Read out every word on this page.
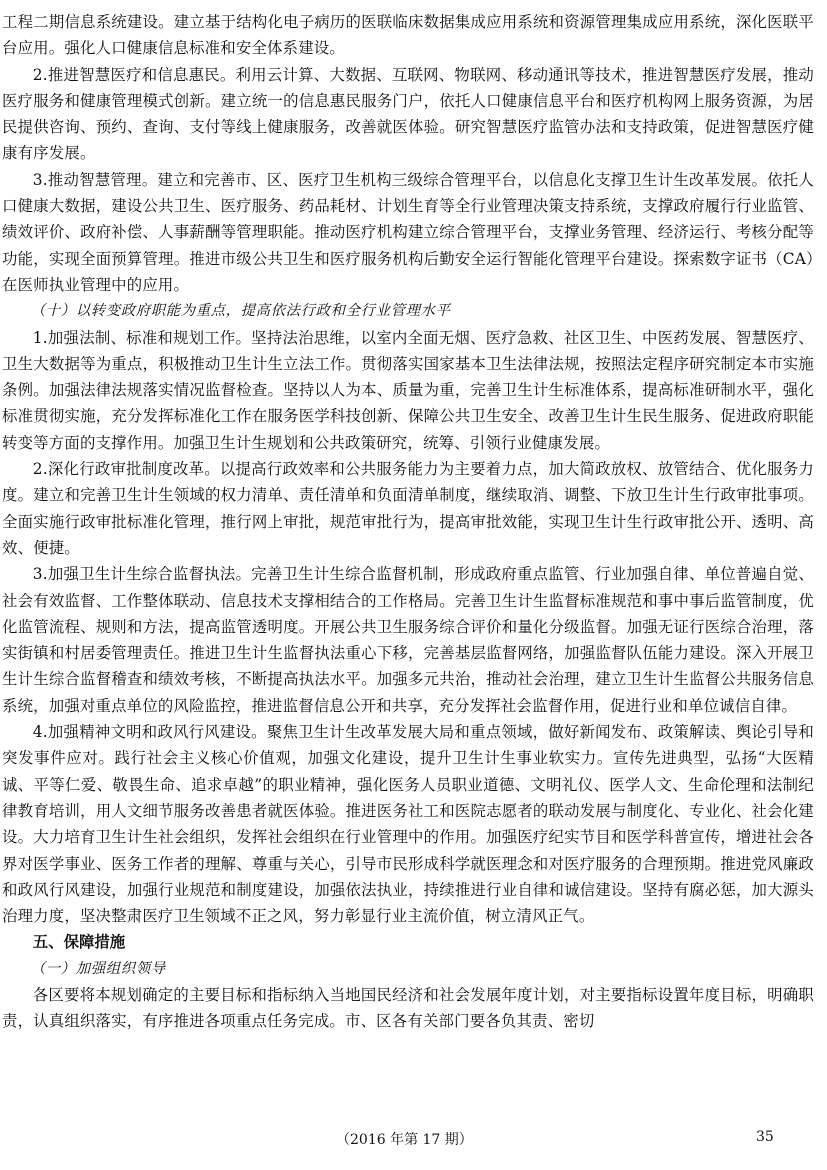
工程二期信息系统建设。建立基于结构化电子病历的医联临床数据集成应用系统和资源管理集成应用系统，深化医联平台应用。强化人口健康信息标准和安全体系建设。

2.推进智慧医疗和信息惠民。利用云计算、大数据、互联网、物联网、移动通讯等技术，推进智慧医疗发展，推动医疗服务和健康管理模式创新。建立统一的信息惠民服务门户，依托人口健康信息平台和医疗机构网上服务资源，为居民提供咨询、预约、查询、支付等线上健康服务，改善就医体验。研究智慧医疗监管办法和支持政策，促进智慧医疗健康有序发展。

3.推动智慧管理。建立和完善市、区、医疗卫生机构三级综合管理平台，以信息化支撑卫生计生改革发展。依托人口健康大数据，建设公共卫生、医疗服务、药品耗材、计划生育等全行业管理决策支持系统，支撑政府履行行业监管、绩效评价、政府补偿、人事薪酬等管理职能。推动医疗机构建立综合管理平台，支撑业务管理、经济运行、考核分配等功能，实现全面预算管理。推进市级公共卫生和医疗服务机构后勤安全运行智能化管理平台建设。探索数字证书（CA）在医师执业管理中的应用。

（十）以转变政府职能为重点，提高依法行政和全行业管理水平

1.加强法制、标准和规划工作。坚持法治思维，以室内全面无烟、医疗急救、社区卫生、中医药发展、智慧医疗、卫生大数据等为重点，积极推动卫生计生立法工作。贯彻落实国家基本卫生法律法规，按照法定程序研究制定本市实施条例。加强法律法规落实情况监督检查。坚持以人为本、质量为重，完善卫生计生标准体系，提高标准研制水平，强化标准贯彻实施，充分发挥标准化工作在服务医学科技创新、保障公共卫生安全、改善卫生计生民生服务、促进政府职能转变等方面的支撑作用。加强卫生计生规划和公共政策研究，统筹、引领行业健康发展。

2.深化行政审批制度改革。以提高行政效率和公共服务能力为主要着力点，加大简政放权、放管结合、优化服务力度。建立和完善卫生计生领域的权力清单、责任清单和负面清单制度，继续取消、调整、下放卫生计生行政审批事项。全面实施行政审批标准化管理，推行网上审批，规范审批行为，提高审批效能，实现卫生计生行政审批公开、透明、高效、便捷。

3.加强卫生计生综合监督执法。完善卫生计生综合监督机制，形成政府重点监管、行业加强自律、单位普遍自觉、社会有效监督、工作整体联动、信息技术支撑相结合的工作格局。完善卫生计生监督标准规范和事中事后监管制度，优化监管流程、规则和方法，提高监管透明度。开展公共卫生服务综合评价和量化分级监督。加强无证行医综合治理，落实街镇和村居委管理责任。推进卫生计生监督执法重心下移，完善基层监督网络，加强监督队伍能力建设。深入开展卫生计生综合监督稽查和绩效考核，不断提高执法水平。加强多元共治，推动社会治理，建立卫生计生监督公共服务信息系统，加强对重点单位的风险监控，推进监督信息公开和共享，充分发挥社会监督作用，促进行业和单位诚信自律。

4.加强精神文明和政风行风建设。聚焦卫生计生改革发展大局和重点领域，做好新闻发布、政策解读、舆论引导和突发事件应对。践行社会主义核心价值观，加强文化建设，提升卫生计生事业软实力。宣传先进典型，弘扬“大医精诚、平等仁爱、敬畏生命、追求卓越”的职业精神，强化医务人员职业道德、文明礼仪、医学人文、生命伦理和法制纪律教育培训，用人文细节服务改善患者就医体验。推进医务社工和医院志愿者的联动发展与制度化、专业化、社会化建设。大力培育卫生计生社会组织，发挥社会组织在行业管理中的作用。加强医疗纪实节目和医学科普宣传，增进社会各界对医学事业、医务工作者的理解、尊重与关心，引导市民形成科学就医理念和对医疗服务的合理预期。推进党风廉政和政风行风建设，加强行业规范和制度建设，加强依法执业，持续推进行业自律和诚信建设。坚持有腐必惩，加大源头治理力度，坚决整肃医疗卫生领域不正之风，努力彰显行业主流价值，树立清风正气。

五、保障措施

（一）加强组织领导

各区要将本规划确定的主要目标和指标纳入当地国民经济和社会发展年度计划，对主要指标设置年度目标，明确职责，认真组织落实，有序推进各项重点任务完成。市、区各有关部门要各负其责、密切

（2016 年第 17 期）	35
